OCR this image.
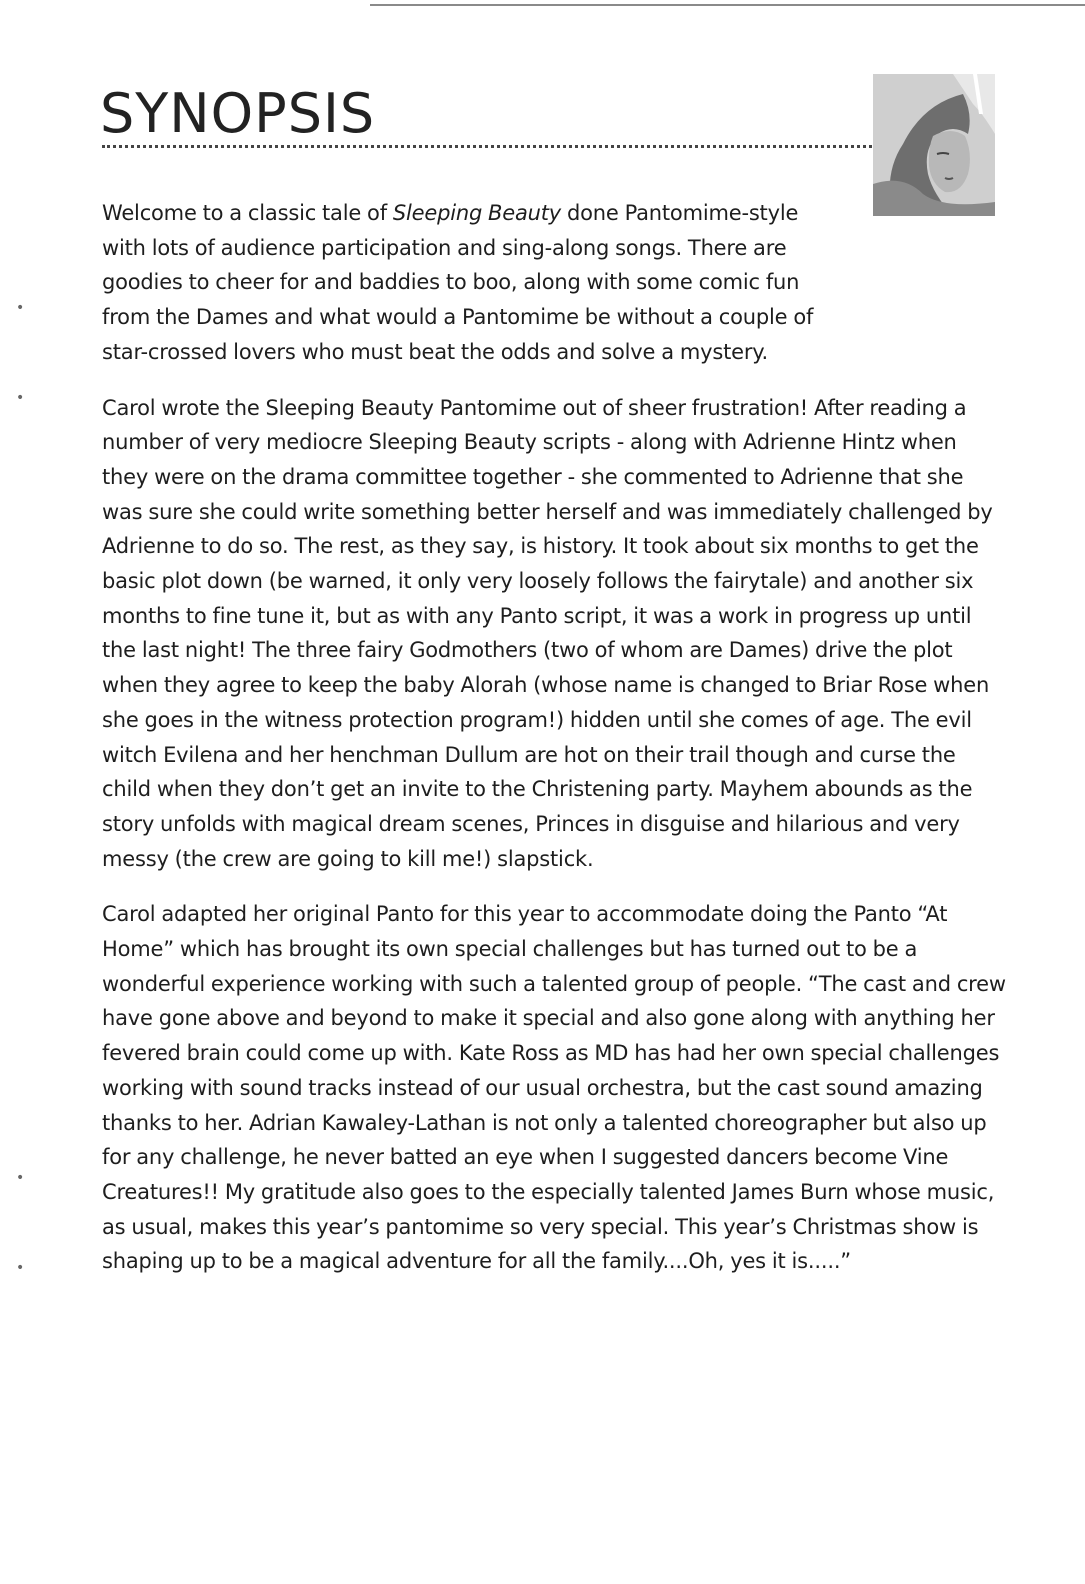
SYNOPSIS

Welcome to a classic tale of Sleeping Beauty done Pantomime-style with lots of audience participation and sing-along songs. There are goodies to cheer for and baddies to boo, along with some comic fun from the Dames and what would a Pantomime be without a couple of star-crossed lovers who must beat the odds and solve a mystery.

Carol wrote the Sleeping Beauty Pantomime out of sheer frustration! After reading a number of very mediocre Sleeping Beauty scripts - along with Adrienne Hintz when they were on the drama committee together - she commented to Adrienne that she was sure she could write something better herself and was immediately challenged by Adrienne to do so. The rest, as they say, is history. It took about six months to get the basic plot down (be warned, it only very loosely follows the fairytale) and another six months to fine tune it, but as with any Panto script, it was a work in progress up until the last night! The three fairy Godmothers (two of whom are Dames) drive the plot when they agree to keep the baby Alorah (whose name is changed to Briar Rose when she goes in the witness protection program!) hidden until she comes of age. The evil witch Evilena and her henchman Dullum are hot on their trail though and curse the child when they don’t get an invite to the Christening party. Mayhem abounds as the story unfolds with magical dream scenes, Princes in disguise and hilarious and very messy (the crew are going to kill me!) slapstick.

Carol adapted her original Panto for this year to accommodate doing the Panto “At Home” which has brought its own special challenges but has turned out to be a wonderful experience working with such a talented group of people. “The cast and crew have gone above and beyond to make it special and also gone along with anything her fevered brain could come up with. Kate Ross as MD has had her own special challenges working with sound tracks instead of our usual orchestra, but the cast sound amazing thanks to her. Adrian Kawaley-Lathan is not only a talented choreographer but also up for any challenge, he never batted an eye when I suggested dancers become Vine Creatures!! My gratitude also goes to the especially talented James Burn whose music, as usual, makes this year’s pantomime so very special. This year’s Christmas show is shaping up to be a magical adventure for all the family....Oh, yes it is.....”

•
•
•
•
